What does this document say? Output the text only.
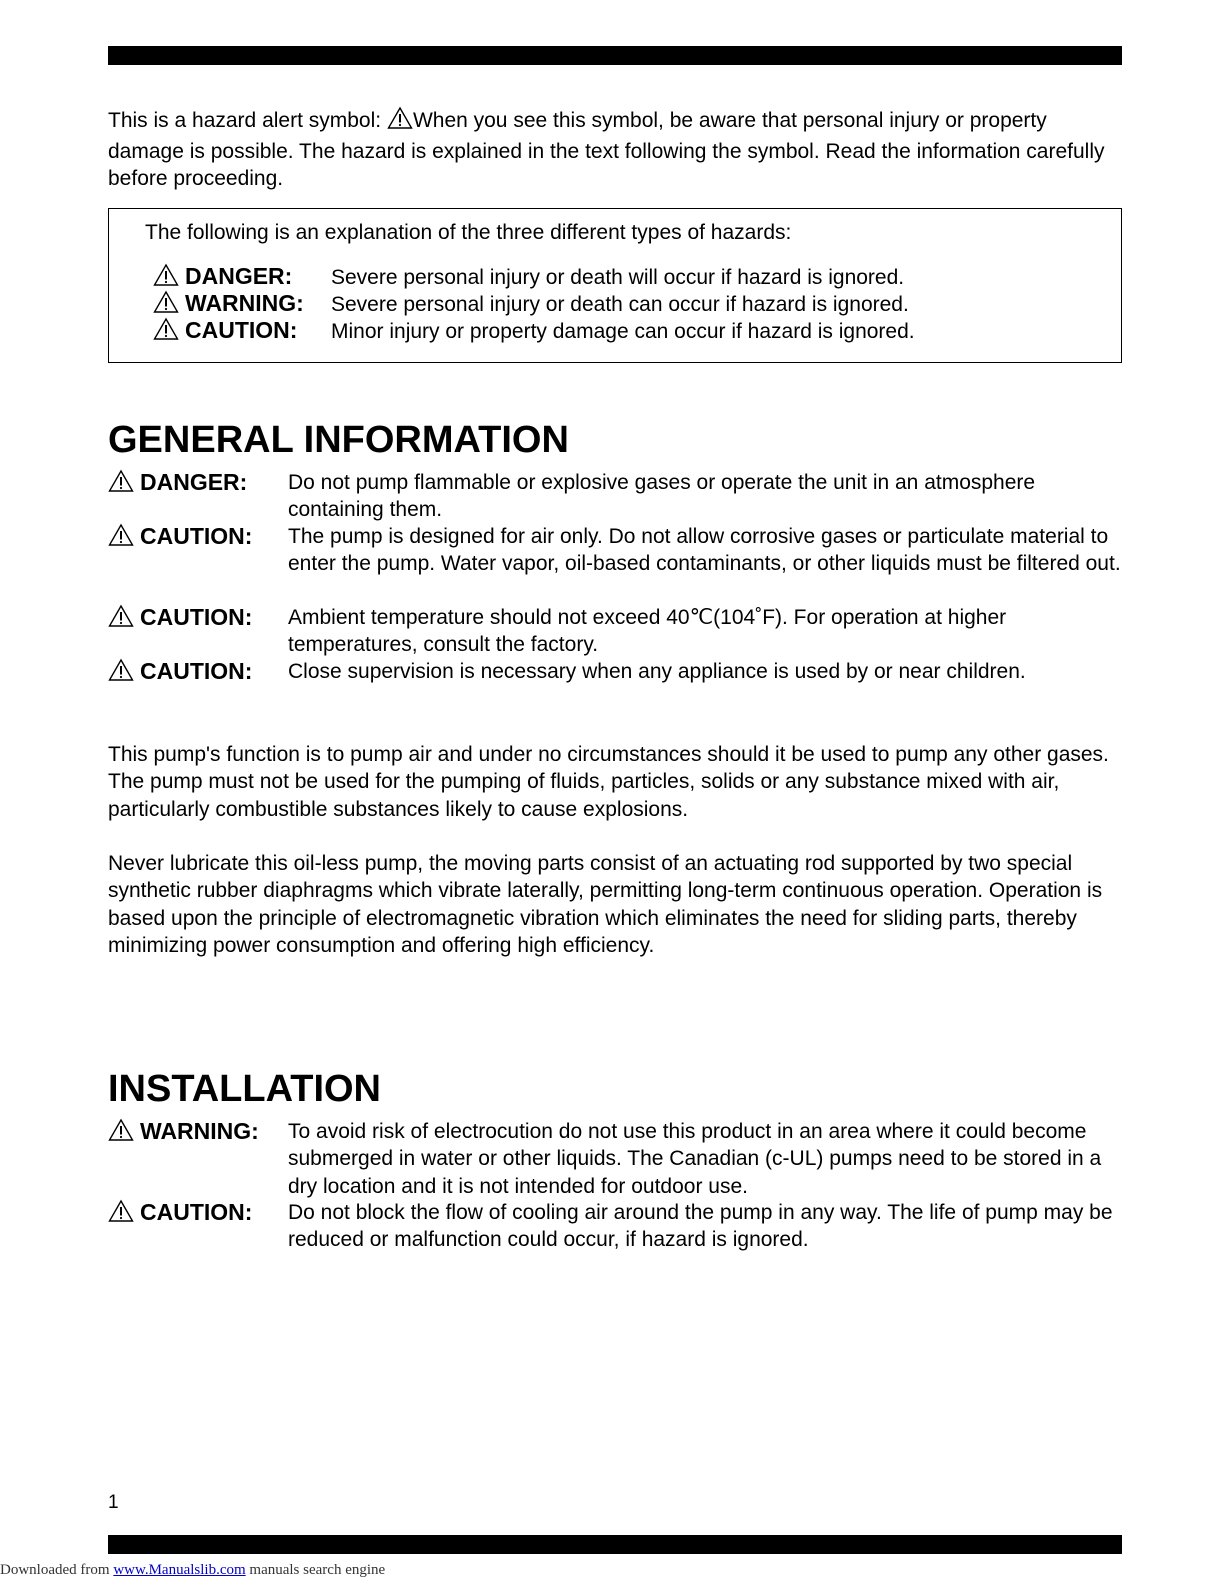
This is a hazard alert symbol: When you see this symbol, be aware that personal injury or property damage is possible. The hazard is explained in the text following the symbol. Read the information carefully before proceeding.
The following is an explanation of the three different types of hazards:
DANGER: Severe personal injury or death will occur if hazard is ignored.
WARNING: Severe personal injury or death can occur if hazard is ignored.
CAUTION: Minor injury or property damage can occur if hazard is ignored.
GENERAL INFORMATION
DANGER: Do not pump flammable or explosive gases or operate the unit in an atmosphere containing them.
CAUTION: The pump is designed for air only. Do not allow corrosive gases or particulate material to enter the pump. Water vapor, oil-based contaminants, or other liquids must be filtered out.
CAUTION: Ambient temperature should not exceed 40℃(104˚F). For operation at higher temperatures, consult the factory.
CAUTION: Close supervision is necessary when any appliance is used by or near children.
This pump's function is to pump air and under no circumstances should it be used to pump any other gases. The pump must not be used for the pumping of fluids, particles, solids or any substance mixed with air, particularly combustible substances likely to cause explosions.
Never lubricate this oil-less pump, the moving parts consist of an actuating rod supported by two special synthetic rubber diaphragms which vibrate laterally, permitting long-term continuous operation. Operation is based upon the principle of electromagnetic vibration which eliminates the need for sliding parts, thereby minimizing power consumption and offering high efficiency.
INSTALLATION
WARNING: To avoid risk of electrocution do not use this product in an area where it could become submerged in water or other liquids. The Canadian (c-UL) pumps need to be stored in a dry location and it is not intended for outdoor use.
CAUTION: Do not block the flow of cooling air around the pump in any way. The life of pump may be reduced or malfunction could occur, if hazard is ignored.
1
Downloaded from www.Manualslib.com manuals search engine
